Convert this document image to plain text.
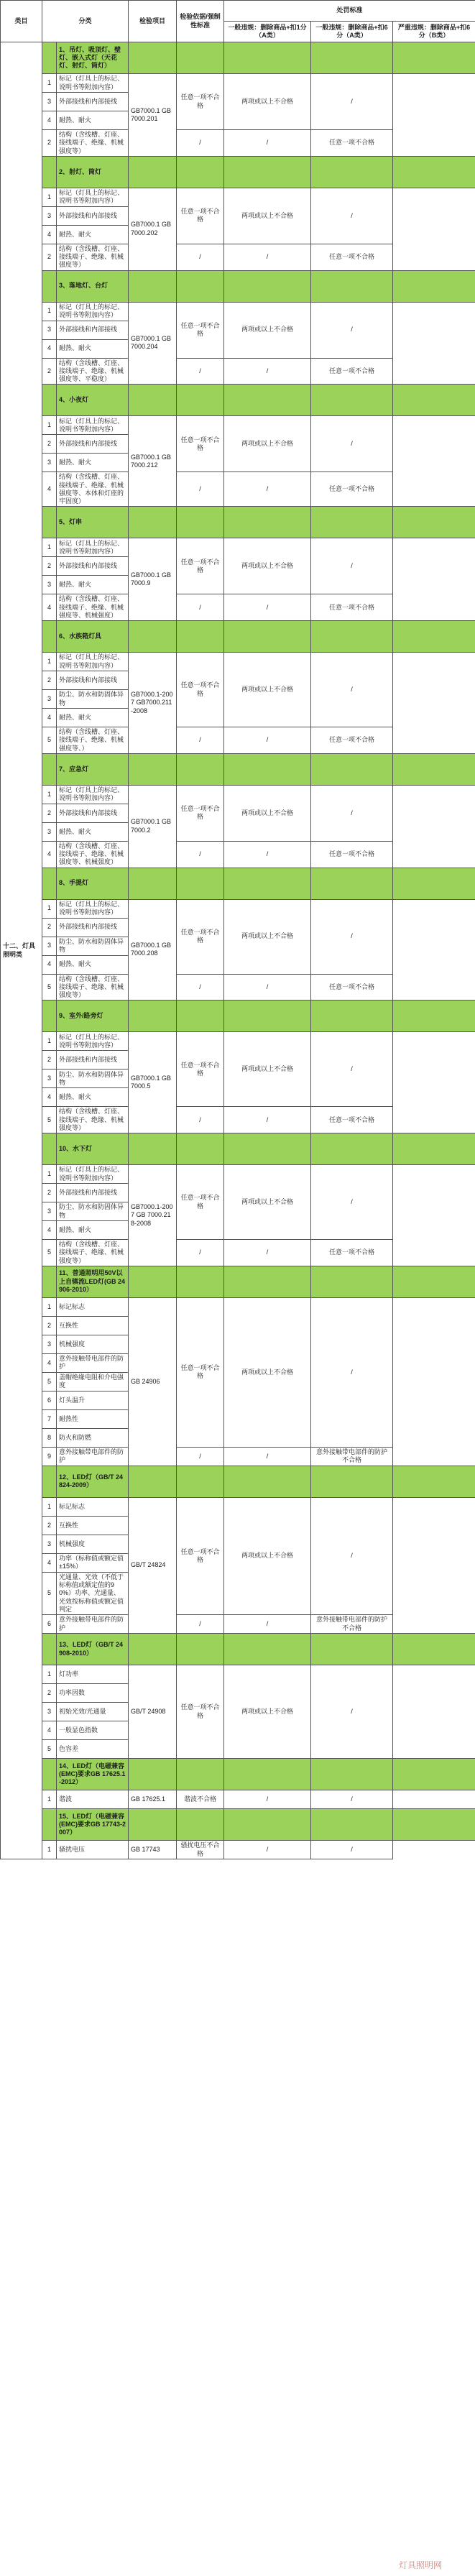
类目	分类		检验项目	检验依据/强制性标准	处罚标准		
					一般违规：删除商品+扣1分（A类）	一般违规：删除商品+扣6分（A类）	严重违规：删除商品+扣6分（B类）
十二、灯具照明类		1、吊灯、吸顶灯、壁灯、嵌入式灯（天花灯、射灯、筒灯）					
	1	标记（灯具上的标记、说明书等附加内容）	GB7000.1 GB7000.201	任意一项不合格	两项或以上不合格	/	
	3	外部接线和内部接线					
	4	耐热、耐火					
	2	结构（含线槽、灯座、接线端子、绝缘、机械强度等）		/	/	任意一项不合格	
		2、射灯、筒灯					
	1	标记（灯具上的标记、说明书等附加内容）	GB7000.1 GB7000.202	任意一项不合格	两项或以上不合格	/	
	3	外部接线和内部接线					
	4	耐热、耐火					
	2	结构（含线槽、灯座、接线端子、绝缘、机械强度等）		/	/	任意一项不合格	
		3、落地灯、台灯					
	1	标记（灯具上的标记、说明书等附加内容）	GB7000.1 GB7000.204	任意一项不合格	两项或以上不合格	/	
	3	外部接线和内部接线					
	4	耐热、耐火					
	2	结构（含线槽、灯座、接线端子、绝缘、机械强度等、平稳度）		/	/	任意一项不合格	
		4、小夜灯					
	1	标记（灯具上的标记、说明书等附加内容）	GB7000.1 GB7000.212	任意一项不合格	两项或以上不合格	/	
	2	外部接线和内部接线					
	3	耐热、耐火					
	4	结构（含线槽、灯座、接线端子、绝缘、机械强度等、本体和灯座的牢固度）		/	/	任意一项不合格	
		5、灯串					
	1	标记（灯具上的标记、说明书等附加内容）	GB7000.1 GB7000.9	任意一项不合格	两项或以上不合格	/	
	2	外部接线和内部接线					
	3	耐热、耐火					
	4	结构（含线槽、灯座、接线端子、绝缘、机械强度等、机械强度）		/	/	任意一项不合格	
		6、水族箱灯具					
	1	标记（灯具上的标记、说明书等附加内容）	GB7000.1-2007 GB7000.211-2008	任意一项不合格	两项或以上不合格	/	
	2	外部接线和内部接线					
	3	防尘、防水和防固体异物					
	4	耐热、耐火					
	5	结构（含线槽、灯座、接线端子、绝缘、机械强度等、）		/	/	任意一项不合格	
		7、应急灯					
	1	标记（灯具上的标记、说明书等附加内容）	GB7000.1 GB7000.2	任意一项不合格	两项或以上不合格	/	
	2	外部接线和内部接线					
	3	耐热、耐火					
	4	结构（含线槽、灯座、接线端子、绝缘、机械强度等、机械强度）		/	/	任意一项不合格	
		8、手提灯					
	1	标记（灯具上的标记、说明书等附加内容）	GB7000.1 GB7000.208	任意一项不合格	两项或以上不合格	/	
	2	外部接线和内部接线					
	3	防尘、防水和防固体异物					
	4	耐热、耐火					
	5	结构（含线槽、灯座、接线端子、绝缘、机械强度等）		/	/	任意一项不合格	
		9、室外/路旁灯					
	1	标记（灯具上的标记、说明书等附加内容）	GB7000.1 GB7000.5	任意一项不合格	两项或以上不合格	/	
	2	外部接线和内部接线					
	3	防尘、防水和防固体异物					
	4	耐热、耐火					
	5	结构（含线槽、灯座、接线端子、绝缘、机械强度等）		/	/	任意一项不合格	
		10、水下灯					
	1	标记（灯具上的标记、说明书等附加内容）	GB7000.1-2007 GB 7000.218-2008	任意一项不合格	两项或以上不合格	/	
	2	外部接线和内部接线					
	3	防尘、防水和防固体异物					
	4	耐热、耐火					
	5	结构（含线槽、灯座、接线端子、绝缘、机械强度等）		/	/	任意一项不合格	
		11、普通照明用50V以上自镇流LED灯(GB 24906-2010）					
	1	标记标志	GB 24906	任意一项不合格	两项或以上不合格	/	
	2	互换性					
	3	机械强度					
	4	意外接触带电部件的防护					
	5	盖帽绝缘电阻和介电强度					
	6	灯头温升					
	7	耐热性					
	8	防火和防燃					
	9	意外接触带电部件的防护		/	/	意外接触带电部件的防护不合格	
		12、LED灯（GB/T 24824-2009）					
	1	标记标志	GB/T 24824	任意一项不合格	两项或以上不合格	/	
	2	互换性					
	3	机械强度					
	4	功率（标称值或额定值±15%）					
	5	光通量、光效（不低于标称值或额定值的90%）功率、光通量、光效按标称值或额定值判定					
	6	意外接触带电部件的防护		/	/	意外接触带电部件的防护不合格	
		13、LED灯（GB/T 24908-2010）					
	1	灯功率	GB/T 24908	任意一项不合格	两项或以上不合格	/	
	2	功率因数					
	3	初始光效/光通量					
	4	一般显色指数					
	5	色容差					
		14、LED灯（电磁兼容(EMC)要求GB 17625.1-2012）					
	1	谐波	GB 17625.1	谐波不合格	/	/	
		15、LED灯（电磁兼容(EMC)要求GB 17743-2007）					
	1	骚扰电压	GB 17743	骚扰电压不合格	/	/	
灯具照明网
